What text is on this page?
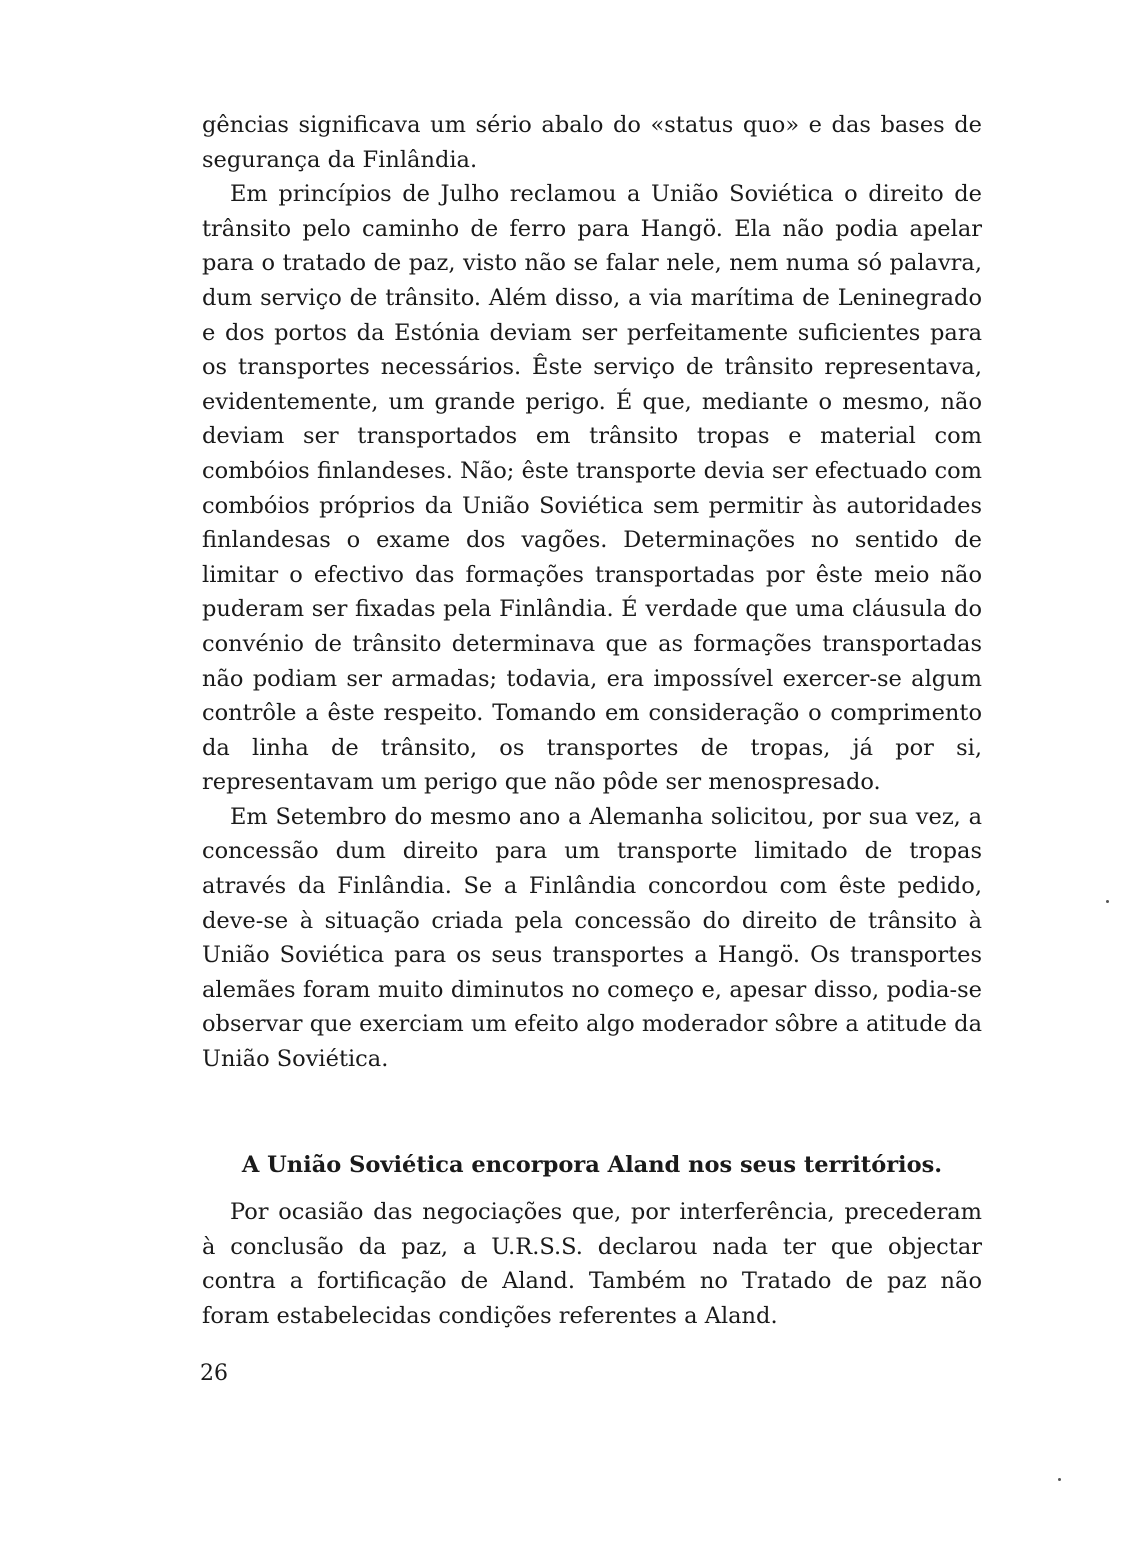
gências significava um sério abalo do «status quo» e das bases de segurança da Finlândia.

Em princípios de Julho reclamou a União Soviética o direito de trânsito pelo caminho de ferro para Hangö. Ela não podia apelar para o tratado de paz, visto não se falar nele, nem numa só palavra, dum serviço de trânsito. Além disso, a via marítima de Leninegrado e dos portos da Estónia deviam ser perfeitamente suficientes para os transportes necessários. Êste serviço de trânsito representava, evidentemente, um grande perigo. É que, mediante o mesmo, não deviam ser transportados em trânsito tropas e material com combóios finlandeses. Não; êste transporte devia ser efectuado com combóios próprios da União Soviética sem permitir às autoridades finlandesas o exame dos vagões. Determinações no sentido de limitar o efectivo das formações transportadas por êste meio não puderam ser fixadas pela Finlândia. É verdade que uma cláusula do convénio de trânsito determinava que as formações transportadas não podiam ser armadas; todavia, era impossível exercer-se algum contrôle a êste respeito. Tomando em consideração o comprimento da linha de trânsito, os transportes de tropas, já por si, representavam um perigo que não pôde ser menospresado.

Em Setembro do mesmo ano a Alemanha solicitou, por sua vez, a concessão dum direito para um transporte limitado de tropas através da Finlândia. Se a Finlândia concordou com êste pedido, deve-se à situação criada pela concessão do direito de trânsito à União Soviética para os seus transportes a Hangö. Os transportes alemães foram muito diminutos no começo e, apesar disso, podia-se observar que exerciam um efeito algo moderador sôbre a atitude da União Soviética.

A União Soviética encorpora Aland nos seus territórios.

Por ocasião das negociações que, por interferência, precederam à conclusão da paz, a U.R.S.S. declarou nada ter que objectar contra a fortificação de Aland. Também no Tratado de paz não foram estabelecidas condições referentes a Aland.

26
